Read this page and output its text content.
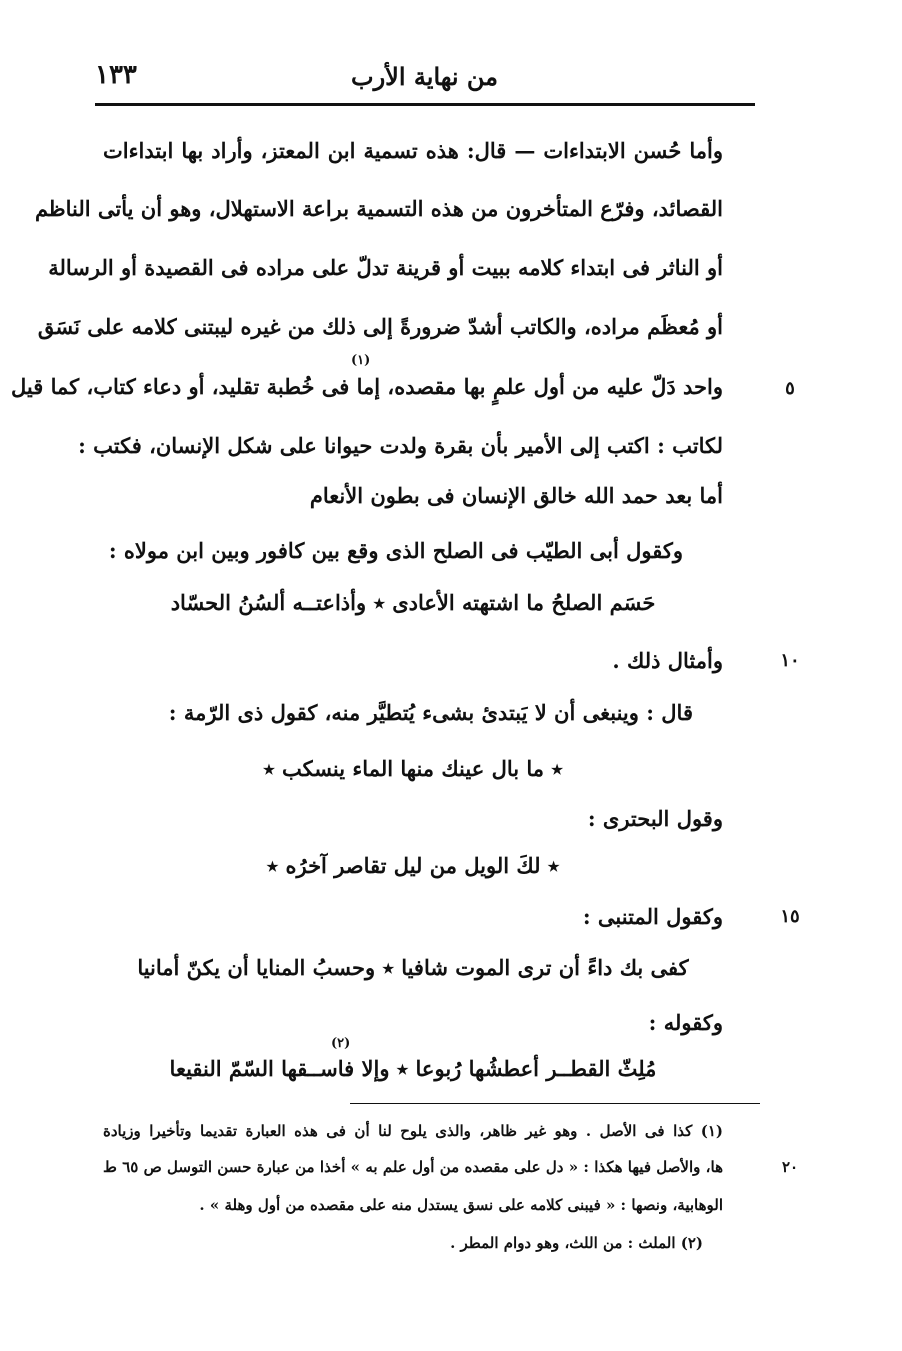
من نهاية الأرب
١٣٣
وأما حُسن الابتداءات — قال: هذه تسمية ابن المعتز، وأراد بها ابتداءات
القصائد، وفرّع المتأخرون من هذه التسمية براعة الاستهلال، وهو أن يأتى الناظم
أو الناثر فى ابتداء كلامه ببيت أو قرينة تدلّ على مراده فى القصيدة أو الرسالة
أو مُعظَم مراده، والكاتب أشدّ ضرورةً إلى ذلك من غيره ليبتنى كلامه على نَسَق
(١)
واحد دَلّ عليه من أول علمٍ بها مقصده، إما فى خُطبة تقليد، أو دعاء كتاب، كما قيل
لكاتب : اكتب إلى الأمير بأن بقرة ولدت حيوانا على شكل الإنسان، فكتب :
أما بعد حمد الله خالق الإنسان فى بطون الأنعام
وكقول أبى الطيّب فى الصلح الذى وقع بين كافور وبين ابن مولاه :
حَسَم الصلحُ ما اشتهته الأعادى ٭ وأذاعتــه ألسُنُ الحسّاد
وأمثال ذلك .
قال : وينبغى أن لا يَبتدئ بشىء يُتطيَّر منه، كقول ذى الرّمة :
٭ ما بال عينك منها الماء ينسكب ٭
وقول البحترى :
٭ لكَ الويل من ليل تقاصر آخرُه ٭
وكقول المتنبى :
كفى بك داءً أن ترى الموت شافيا ٭ وحسبُ المنايا أن يكنّ أمانيا
وكقوله :
(٢)
مُلِثّ القطــر أعطشُها رُبوعا ٭ وإلا فاســقها السّمّ النقيعا
٥
١٠
١٥
(١) كذا فى الأصل . وهو غير ظاهر، والذى يلوح لنا أن فى هذه العبارة تقديما وتأخيرا وزيادة
ها، والأصل فيها هكذا : « دل على مقصده من أول علم به » أخذا من عبارة حسن التوسل ص ٦٥ ط
الوهابية، ونصها : « فيبنى كلامه على نسق يستدل منه على مقصده من أول وهلة » .
(٢) الملث : من اللث، وهو دوام المطر .
٢٠
